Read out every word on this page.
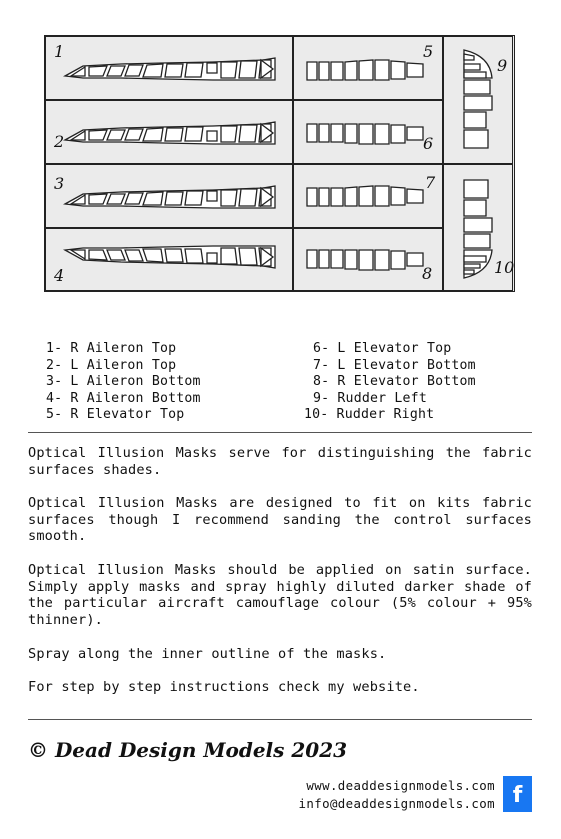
1
2
3
4
5
6
7
8
9
10
1- R Aileron Top
2- L Aileron Top
3- L Aileron Bottom
4- R Aileron Bottom
5- R Elevator Top
6- L Elevator Top
7- L Elevator Bottom
8- R Elevator Bottom
9- Rudder Left
10- Rudder Right
Optical Illusion Masks serve for distinguishing the fabric surfaces shades.
Optical Illusion Masks are designed to fit on kits fabric surfaces though I recommend sanding the control surfaces smooth.
Optical Illusion Masks should be applied on satin surface. Simply apply masks and spray highly diluted darker shade of the particular aircraft camouflage colour (5% colour + 95% thinner).
Spray along the inner outline of the masks.
For step by step instructions check my website.
© Dead Design Models 2023
www.deaddesignmodels.com
info@deaddesignmodels.com f
